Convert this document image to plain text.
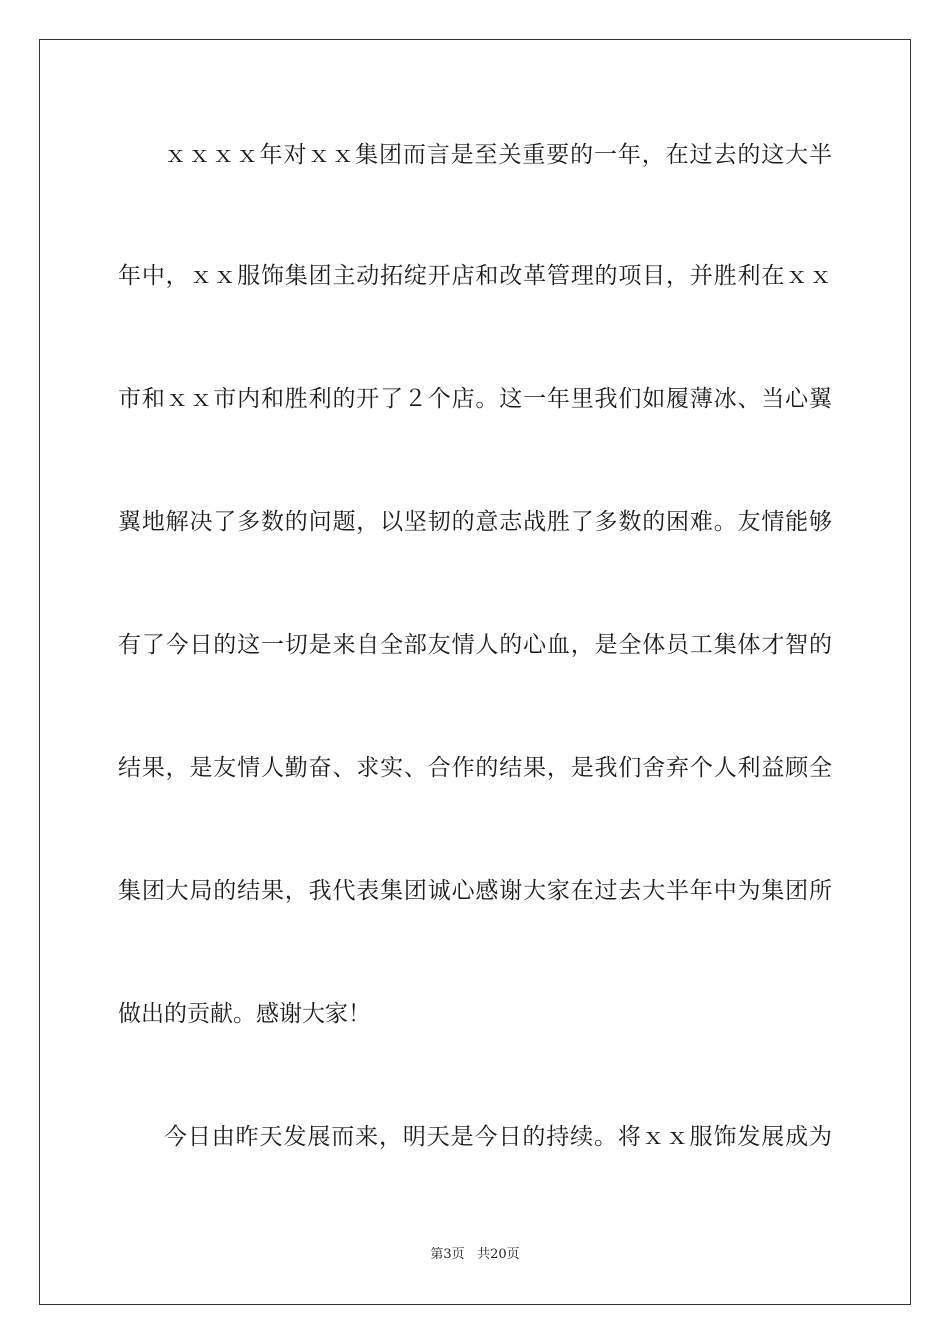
ｘｘｘｘ年对ｘｘ集团而言是至关重要的一年，在过去的这大半
年中，ｘｘ服饰集团主动拓绽开店和改革管理的项目，并胜利在ｘｘ
市和ｘｘ市内和胜利的开了２个店。这一年里我们如履薄冰、当心翼
翼地解决了多数的问题，以坚韧的意志战胜了多数的困难。友情能够
有了今日的这一切是来自全部友情人的心血，是全体员工集体才智的
结果，是友情人勤奋、求实、合作的结果，是我们舍弃个人利益顾全
集团大局的结果，我代表集团诚心感谢大家在过去大半年中为集团所
做出的贡献。感谢大家！
今日由昨天发展而来，明天是今日的持续。将ｘｘ服饰发展成为
第3页 共20页
